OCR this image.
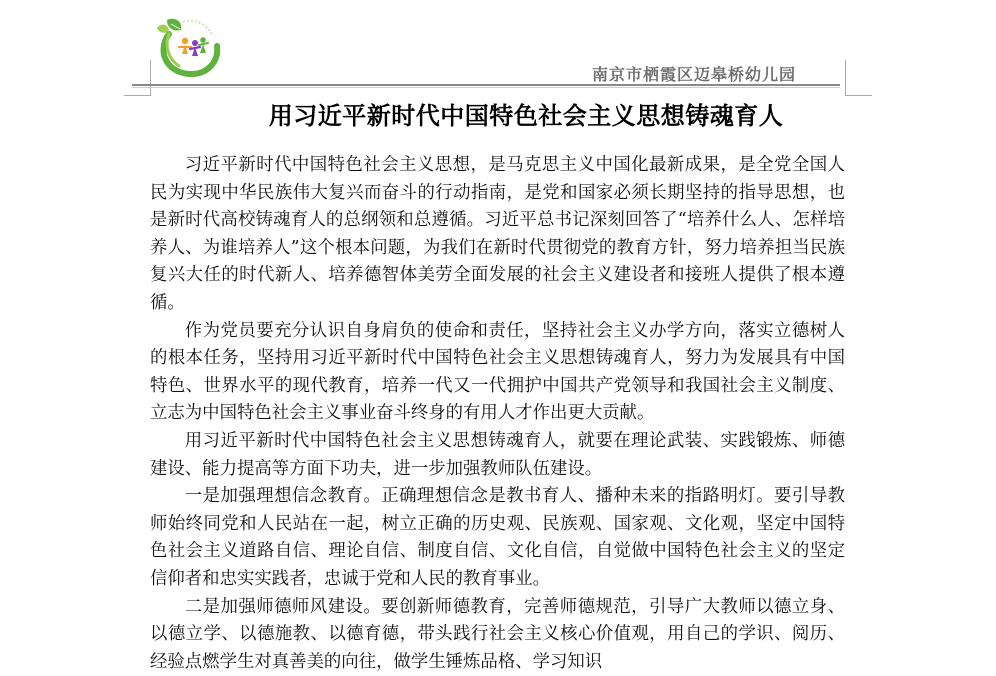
南京市栖霞区迈皋桥幼儿园
用习近平新时代中国特色社会主义思想铸魂育人

习近平新时代中国特色社会主义思想，是马克思主义中国化最新成果，是全党全国人民为实现中华民族伟大复兴而奋斗的行动指南，是党和国家必须长期坚持的指导思想，也是新时代高校铸魂育人的总纲领和总遵循。习近平总书记深刻回答了“培养什么人、怎样培养人、为谁培养人”这个根本问题，为我们在新时代贯彻党的教育方针，努力培养担当民族复兴大任的时代新人、培养德智体美劳全面发展的社会主义建设者和接班人提供了根本遵循。

作为党员要充分认识自身肩负的使命和责任，坚持社会主义办学方向，落实立德树人的根本任务，坚持用习近平新时代中国特色社会主义思想铸魂育人，努力为发展具有中国特色、世界水平的现代教育，培养一代又一代拥护中国共产党领导和我国社会主义制度、立志为中国特色社会主义事业奋斗终身的有用人才作出更大贡献。

用习近平新时代中国特色社会主义思想铸魂育人，就要在理论武装、实践锻炼、师德建设、能力提高等方面下功夫，进一步加强教师队伍建设。

一是加强理想信念教育。正确理想信念是教书育人、播种未来的指路明灯。要引导教师始终同党和人民站在一起，树立正确的历史观、民族观、国家观、文化观，坚定中国特色社会主义道路自信、理论自信、制度自信、文化自信，自觉做中国特色社会主义的坚定信仰者和忠实实践者，忠诚于党和人民的教育事业。

二是加强师德师风建设。要创新师德教育，完善师德规范，引导广大教师以德立身、以德立学、以德施教、以德育德，带头践行社会主义核心价值观，用自己的学识、阅历、经验点燃学生对真善美的向往，做学生锤炼品格、学习知识
